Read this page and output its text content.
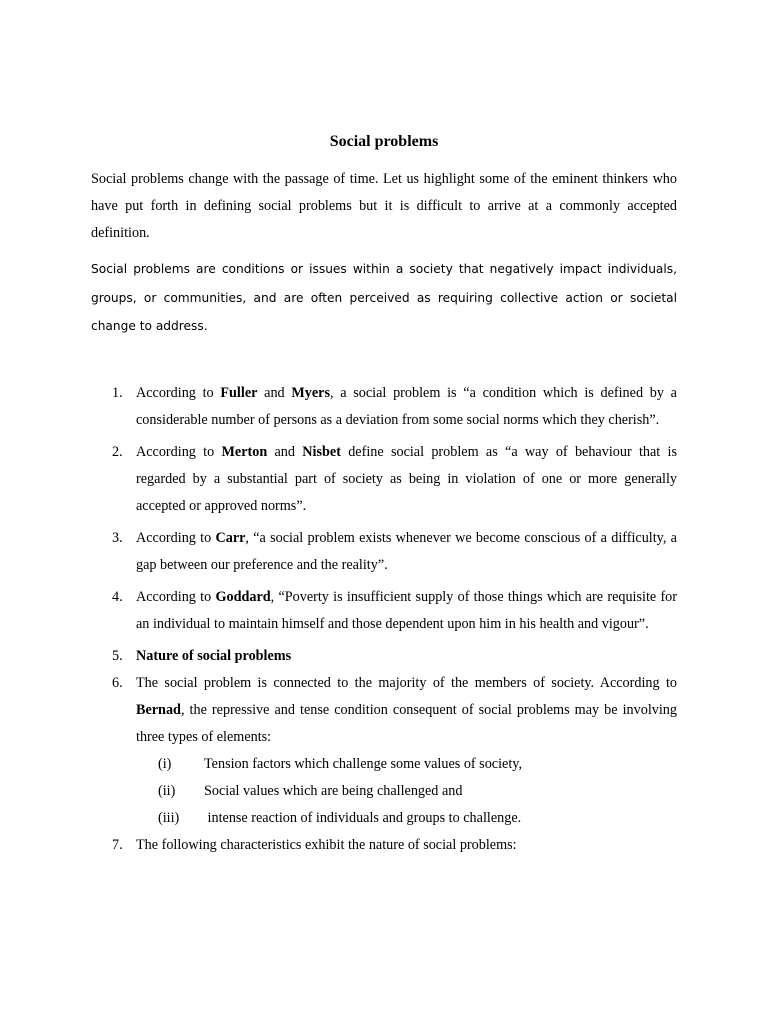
Social problems

Social problems change with the passage of time. Let us highlight some of the eminent thinkers who have put forth in defining social problems but it is difficult to arrive at a commonly accepted definition.

Social problems are conditions or issues within a society that negatively impact individuals, groups, or communities, and are often perceived as requiring collective action or societal change to address.

1. According to Fuller and Myers, a social problem is “a condition which is defined by a considerable number of persons as a deviation from some social norms which they cherish”.
2. According to Merton and Nisbet define social problem as “a way of behaviour that is regarded by a substantial part of society as being in violation of one or more generally accepted or approved norms”.
3. According to Carr, “a social problem exists whenever we become conscious of a difficulty, a gap between our preference and the reality”.
4. According to Goddard, “Poverty is insufficient supply of those things which are requisite for an individual to maintain himself and those dependent upon him in his health and vigour”.
5. Nature of social problems
6. The social problem is connected to the majority of the members of society. According to Bernad, the repressive and tense condition consequent of social problems may be involving three types of elements:
(i) Tension factors which challenge some values of society,
(ii) Social values which are being challenged and
(iii) intense reaction of individuals and groups to challenge.
7. The following characteristics exhibit the nature of social problems:
